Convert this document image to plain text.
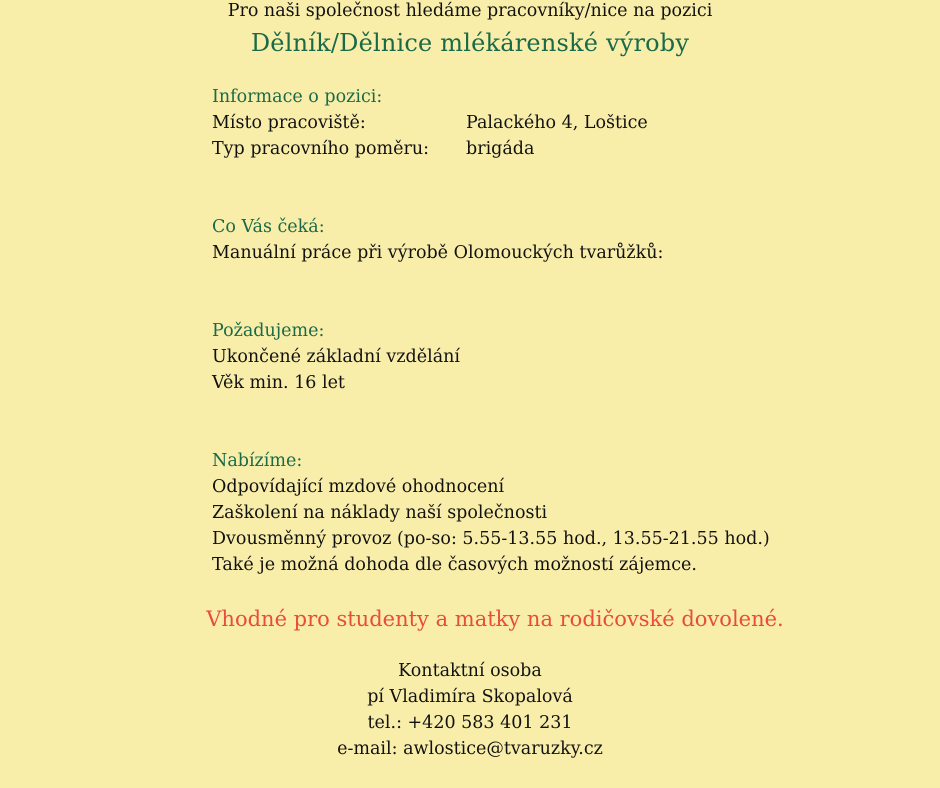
Pro naši společnost hledáme pracovníky/nice na pozici
Dělník/Dělnice mlékárenské výroby
Informace o pozici:
Místo pracoviště:	Palackého 4, Loštice
Typ pracovního poměru:	brigáda
Co Vás čeká:
Manuální práce při výrobě Olomouckých tvarůžků:
Požadujeme:
Ukončené základní vzdělání
Věk min. 16 let
Nabízíme:
Odpovídající mzdové ohodnocení
Zaškolení na náklady naší společnosti
Dvousměnný provoz (po-so: 5.55-13.55 hod., 13.55-21.55 hod.)
Také je možná dohoda dle časových možností zájemce.
Vhodné pro studenty a matky na rodičovské dovolené.
Kontaktní osoba
pí Vladimíra Skopalová
tel.: +420 583 401 231
e-mail: awlostice@tvaruzky.cz
